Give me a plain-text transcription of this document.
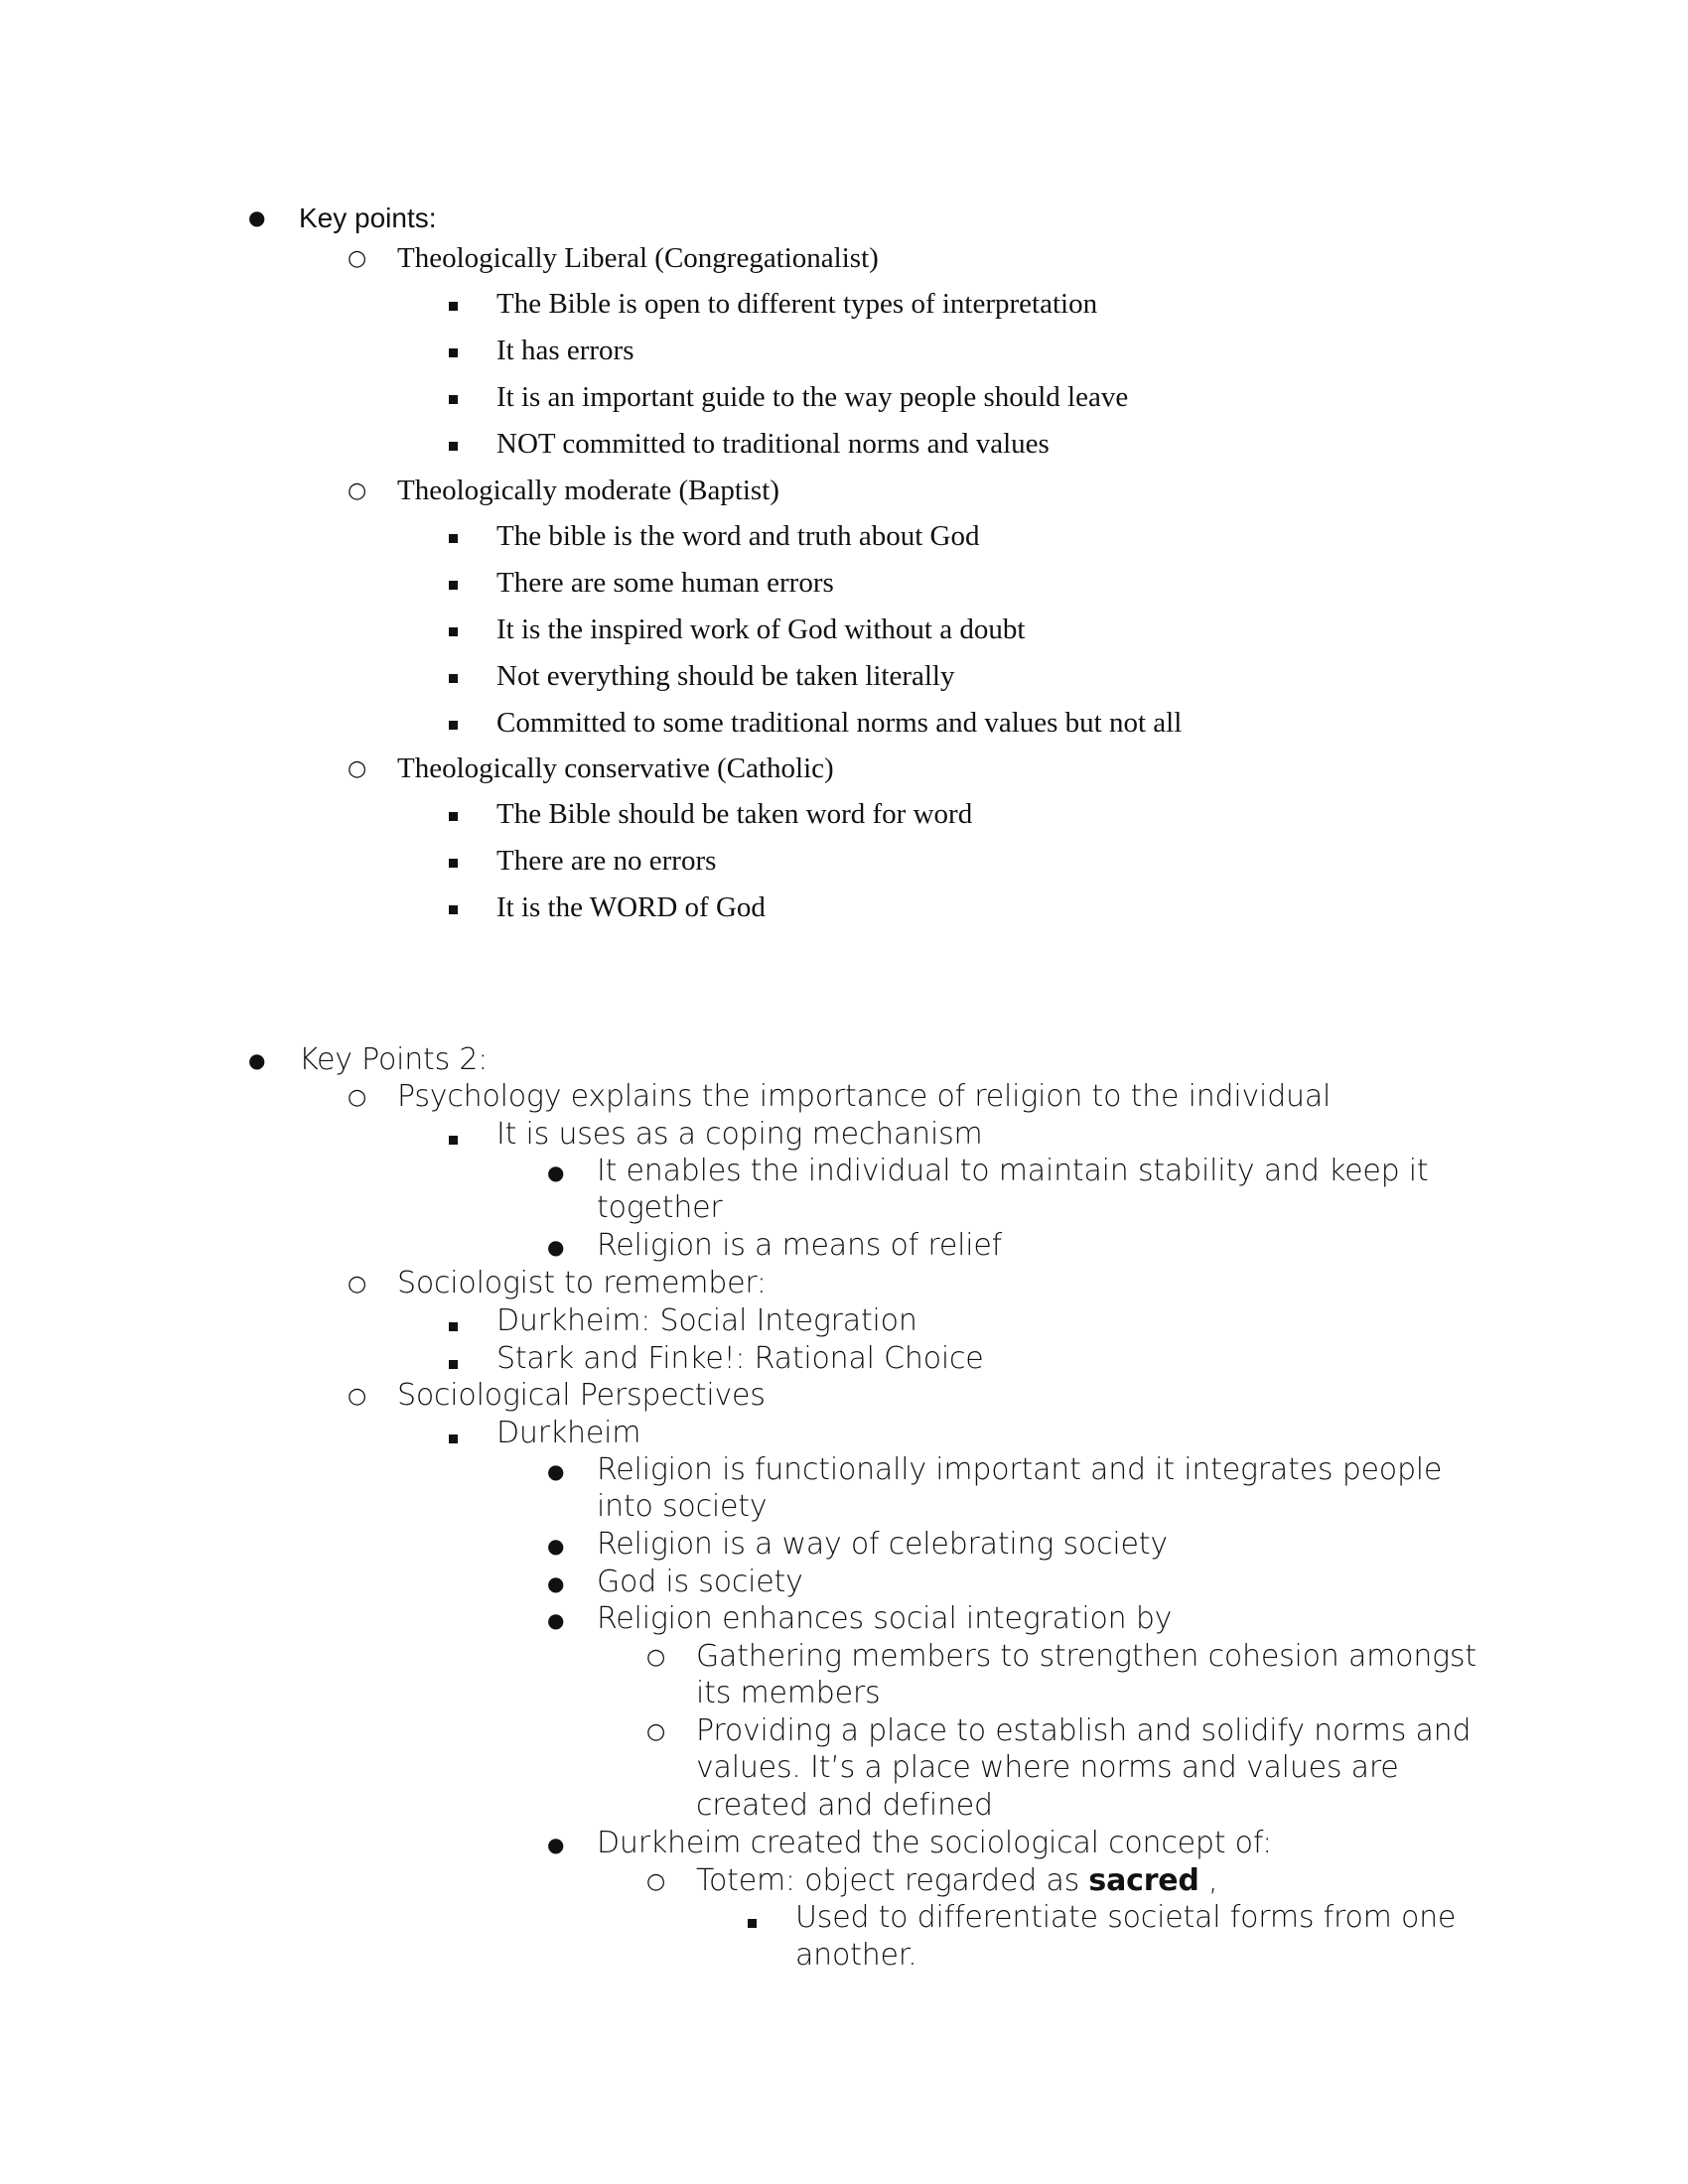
● Key points:
○ Theologically Liberal (Congregationalist)
The Bible is open to different types of interpretation
It has errors
It is an important guide to the way people should leave
NOT committed to traditional norms and values
○ Theologically moderate (Baptist)
The bible is the word and truth about God
There are some human errors
It is the inspired work of God without a doubt
Not everything should be taken literally
Committed to some traditional norms and values but not all
○ Theologically conservative (Catholic)
The Bible should be taken word for word
There are no errors
It is the WORD of God
● Key Points 2:
○ Psychology explains the importance of religion to the individual
It is uses as a coping mechanism
● It enables the individual to maintain stability and keep it
together
● Religion is a means of relief
○ Sociologist to remember:
Durkheim: Social Integration
Stark and Finke!: Rational Choice
○ Sociological Perspectives
Durkheim
● Religion is functionally important and it integrates people
into society
● Religion is a way of celebrating society
● God is society
● Religion enhances social integration by
○ Gathering members to strengthen cohesion amongst
its members
○ Providing a place to establish and solidify norms and
values. It’s a place where norms and values are
created and defined
● Durkheim created the sociological concept of:
○ Totem: object regarded as sacred ,
Used to differentiate societal forms from one
another.
